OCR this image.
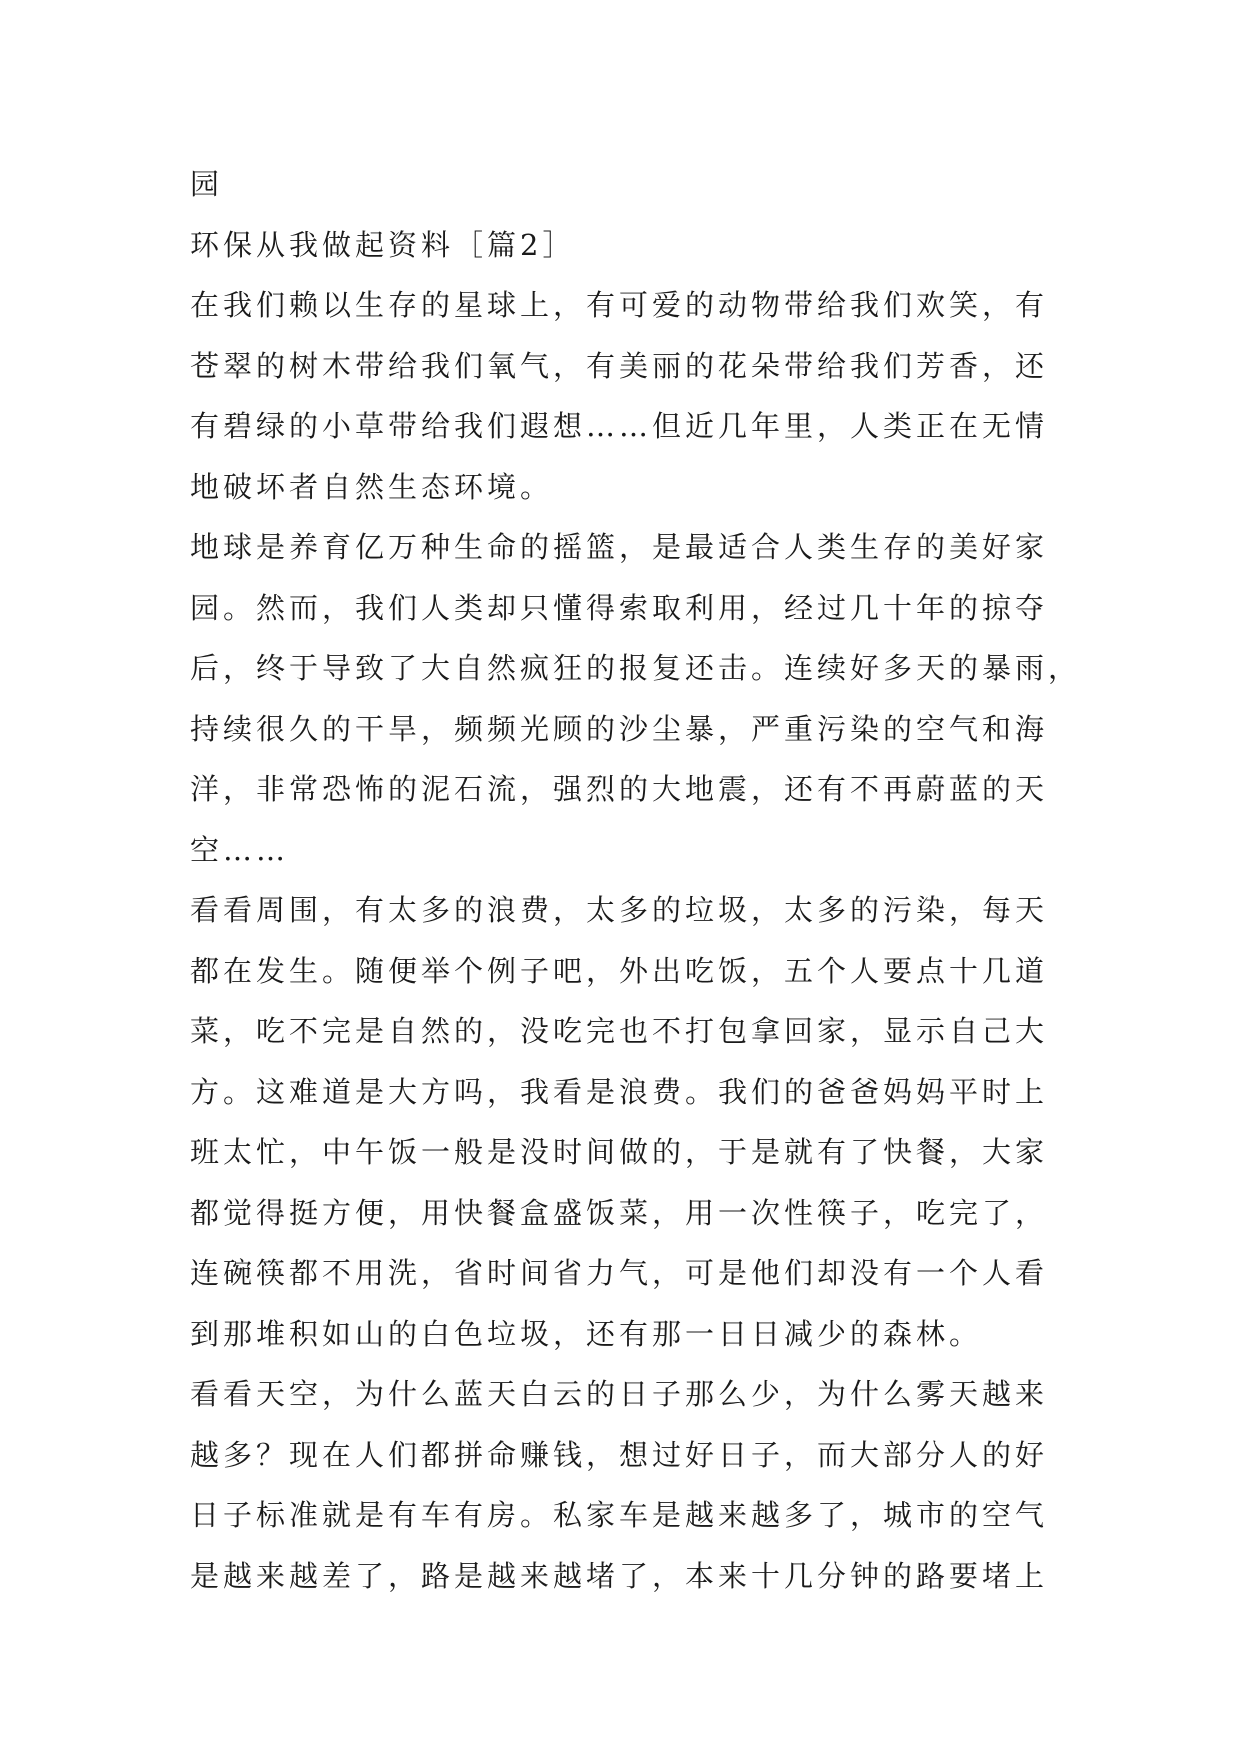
园
环保从我做起资料［篇2］
在我们赖以生存的星球上，有可爱的动物带给我们欢笑，有
苍翠的树木带给我们氧气，有美丽的花朵带给我们芳香，还
有碧绿的小草带给我们遐想……但近几年里，人类正在无情
地破坏者自然生态环境。
地球是养育亿万种生命的摇篮，是最适合人类生存的美好家
园。然而，我们人类却只懂得索取利用，经过几十年的掠夺
后，终于导致了大自然疯狂的报复还击。连续好多天的暴雨，
持续很久的干旱，频频光顾的沙尘暴，严重污染的空气和海
洋，非常恐怖的泥石流，强烈的大地震，还有不再蔚蓝的天
空……
看看周围，有太多的浪费，太多的垃圾，太多的污染，每天
都在发生。随便举个例子吧，外出吃饭，五个人要点十几道
菜，吃不完是自然的，没吃完也不打包拿回家，显示自己大
方。这难道是大方吗，我看是浪费。我们的爸爸妈妈平时上
班太忙，中午饭一般是没时间做的，于是就有了快餐，大家
都觉得挺方便，用快餐盒盛饭菜，用一次性筷子，吃完了，
连碗筷都不用洗，省时间省力气，可是他们却没有一个人看
到那堆积如山的白色垃圾，还有那一日日减少的森林。
看看天空，为什么蓝天白云的日子那么少，为什么雾天越来
越多？现在人们都拼命赚钱，想过好日子，而大部分人的好
日子标准就是有车有房。私家车是越来越多了，城市的空气
是越来越差了，路是越来越堵了，本来十几分钟的路要堵上
